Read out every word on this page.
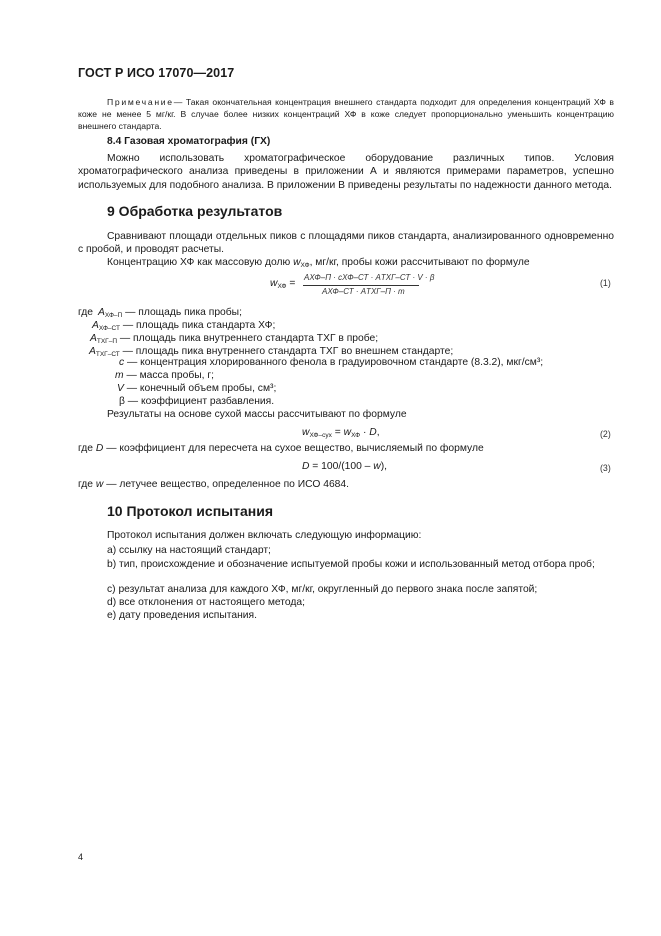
ГОСТ Р ИСО 17070—2017
Примечание— Такая окончательная концентрация внешнего стандарта подходит для определения концентраций ХФ в коже не менее 5 мг/кг. В случае более низких концентраций ХФ в коже следует пропорционально уменьшить концентрацию внешнего стандарта.
8.4 Газовая хроматография (ГХ)
Можно использовать хроматографическое оборудование различных типов. Условия хроматографического анализа приведены в приложении А и являются примерами параметров, успешно используемых для подобного анализа. В приложении В приведены результаты по надежности данного метода.
9 Обработка результатов
Сравнивают площади отдельных пиков с площадями пиков стандарта, анализированного одновременно с пробой, и проводят расчеты.
Концентрацию ХФ как массовую долю $w_{ХФ}$, мг/кг, пробы кожи рассчитывают по формуле
$w_{ХФ}$ =
AХФ–П · cХФ–СТ · AТХГ–СТ · V · β
AХФ–СТ · AТХГ–П · m
(1)
где $A_{ХФ-П}$ — площадь пика пробы;
$A_{ХФ-СТ}$ — площадь пика стандарта ХФ;
$A_{ТХГ-П}$ — площадь пика внутреннего стандарта ТХГ в пробе;
$A_{ТХГ-СТ}$ — площадь пика внутреннего стандарта ТХГ во внешнем стандарте;
c — концентрация хлорированного фенола в градуировочном стандарте (8.3.2), мкг/см³;
m — масса пробы, г;
V — конечный объем пробы, см³;
β — коэффициент разбавления.
Результаты на основе сухой массы рассчитывают по формуле
$w_{ХФ-сух} = w_{ХФ} \cdot D$,	(2)
где D — коэффициент для пересчета на сухое вещество, вычисляемый по формуле
D = 100/(100 – w),	(3)
где w — летучее вещество, определенное по ИСО 4684.
10 Протокол испытания
Протокол испытания должен включать следующую информацию:
a) ссылку на настоящий стандарт;
b) тип, происхождение и обозначение испытуемой пробы кожи и использованный метод отбора проб;
c) результат анализа для каждого ХФ, мг/кг, округленный до первого знака после запятой;
d) все отклонения от настоящего метода;
e) дату проведения испытания.
4
